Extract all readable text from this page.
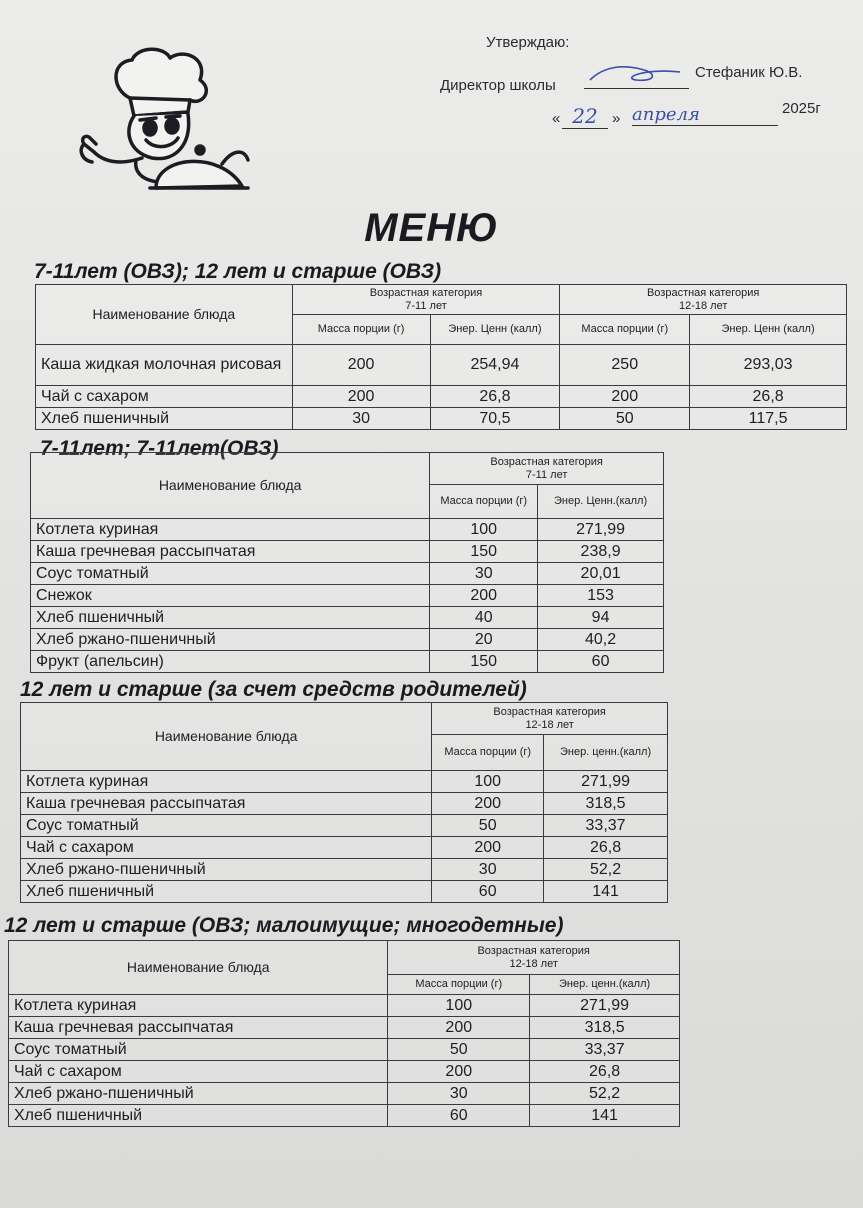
Утверждаю:
Директор школы
Стефаник Ю.В.
« 22 » апреля	2025г
МЕНЮ
7-11лет (ОВЗ); 12 лет и старше (ОВЗ)
Наименование блюда	Возрастная категория
7-11 лет		Возрастная категория
12-18 лет	
	Масса порции (г)	Энер. Ценн (калл)	Масса порции (г)	Энер. Ценн (калл)
Каша жидкая молочная рисовая	200	254,94	250	293,03
Чай с сахаром	200	26,8	200	26,8
Хлеб пшеничный	30	70,5	50	117,5
7-11лет; 7-11лет(ОВЗ)
Наименование блюда	Возрастная категория
7-11 лет	
	Масса порции (г)	Энер. Ценн.(калл)
Котлета куриная	100	271,99
Каша гречневая рассыпчатая	150	238,9
Соус томатный	30	20,01
Снежок	200	153
Хлеб пшеничный	40	94
Хлеб ржано-пшеничный	20	40,2
Фрукт (апельсин)	150	60
12 лет и старше (за счет средств родителей)
Наименование блюда	Возрастная категория
12-18 лет	
	Масса порции (г)	Энер. ценн.(калл)
Котлета куриная	100	271,99
Каша гречневая рассыпчатая	200	318,5
Соус томатный	50	33,37
Чай с сахаром	200	26,8
Хлеб ржано-пшеничный	30	52,2
Хлеб пшеничный	60	141
12 лет и старше (ОВЗ; малоимущие; многодетные)
Наименование блюда	Возрастная категория
12-18 лет	
	Масса порции (г)	Энер. ценн.(калл)
Котлета куриная	100	271,99
Каша гречневая рассыпчатая	200	318,5
Соус томатный	50	33,37
Чай с сахаром	200	26,8
Хлеб ржано-пшеничный	30	52,2
Хлеб пшеничный	60	141
